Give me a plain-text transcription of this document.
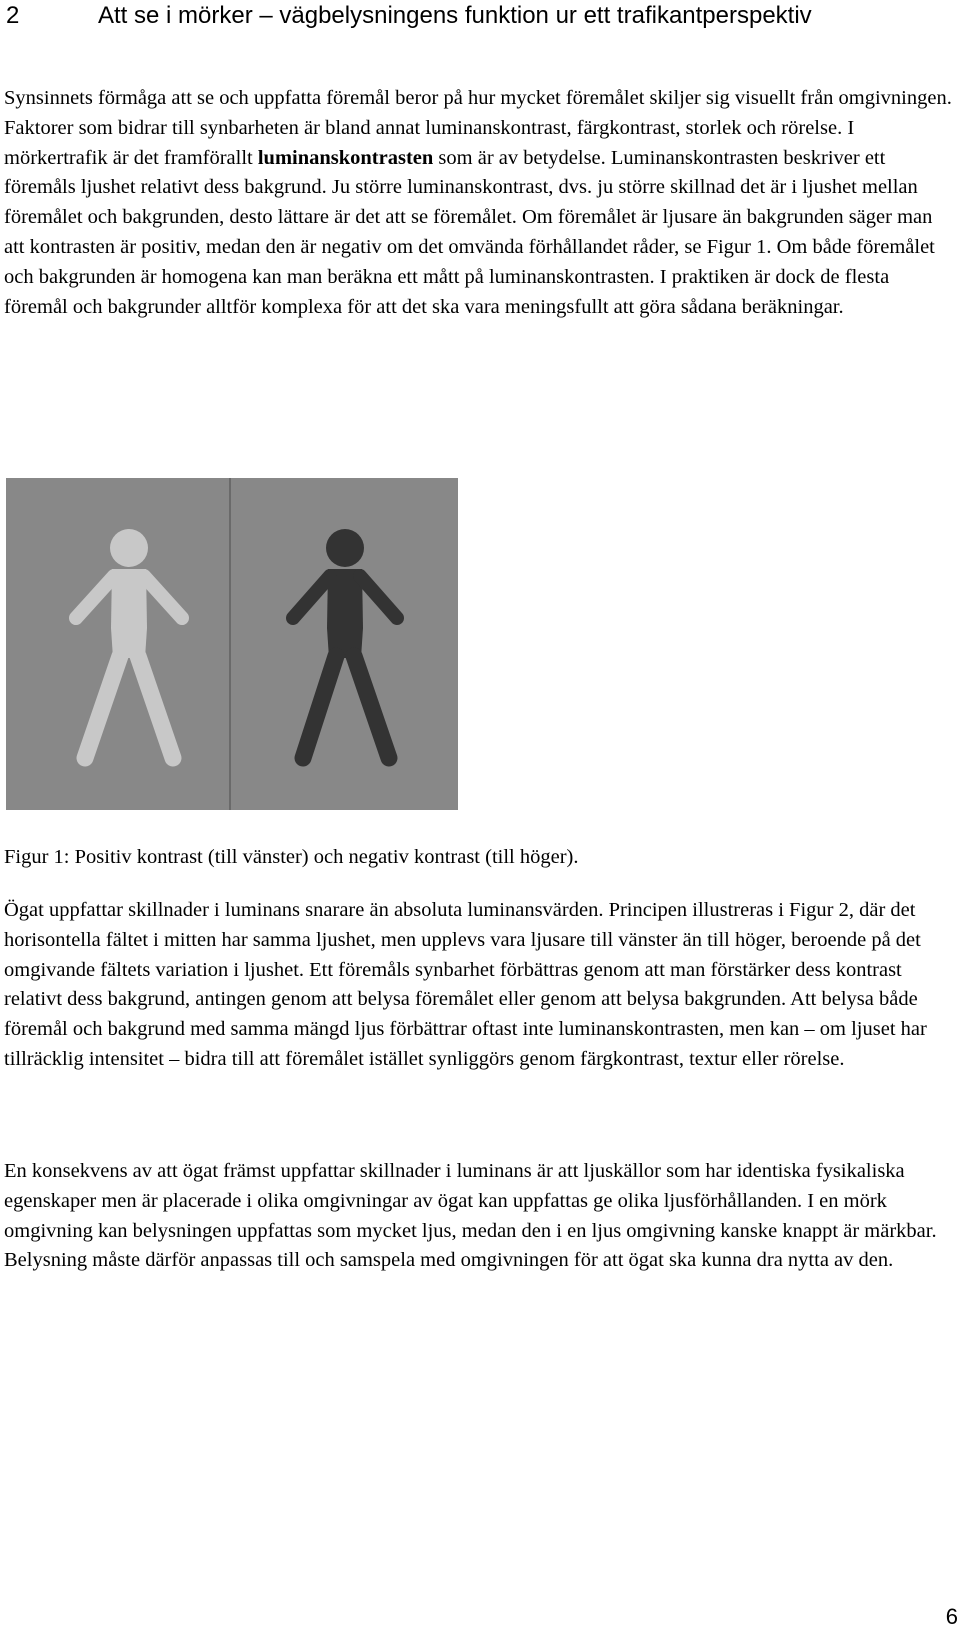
2	Att se i mörker – vägbelysningens funktion ur ett trafikantperspektiv

Synsinnets förmåga att se och uppfatta föremål beror på hur mycket föremålet skiljer sig visuellt från omgivningen. Faktorer som bidrar till synbarheten är bland annat luminanskontrast, färgkontrast, storlek och rörelse. I mörkertrafik är det framförallt luminanskontrasten som är av betydelse. Luminanskontrasten beskriver ett föremåls ljushet relativt dess bakgrund. Ju större luminanskontrast, dvs. ju större skillnad det är i ljushet mellan föremålet och bakgrunden, desto lättare är det att se föremålet. Om föremålet är ljusare än bakgrunden säger man att kontrasten är positiv, medan den är negativ om det omvända förhållandet råder, se Figur 1. Om både föremålet och bakgrunden är homogena kan man beräkna ett mått på luminanskontrasten. I praktiken är dock de flesta föremål och bakgrunder alltför komplexa för att det ska vara meningsfullt att göra sådana beräkningar.

Figur 1: Positiv kontrast (till vänster) och negativ kontrast (till höger).

Ögat uppfattar skillnader i luminans snarare än absoluta luminansvärden. Principen illustreras i Figur 2, där det horisontella fältet i mitten har samma ljushet, men upplevs vara ljusare till vänster än till höger, beroende på det omgivande fältets variation i ljushet. Ett föremåls synbarhet förbättras genom att man förstärker dess kontrast relativt dess bakgrund, antingen genom att belysa föremålet eller genom att belysa bakgrunden. Att belysa både föremål och bakgrund med samma mängd ljus förbättrar oftast inte luminanskontrasten, men kan – om ljuset har tillräcklig intensitet – bidra till att föremålet istället synliggörs genom färgkontrast, textur eller rörelse.

En konsekvens av att ögat främst uppfattar skillnader i luminans är att ljuskällor som har identiska fysikaliska egenskaper men är placerade i olika omgivningar av ögat kan uppfattas ge olika ljusförhållanden. I en mörk omgivning kan belysningen uppfattas som mycket ljus, medan den i en ljus omgivning kanske knappt är märkbar. Belysning måste därför anpassas till och samspela med omgivningen för att ögat ska kunna dra nytta av den.

6
